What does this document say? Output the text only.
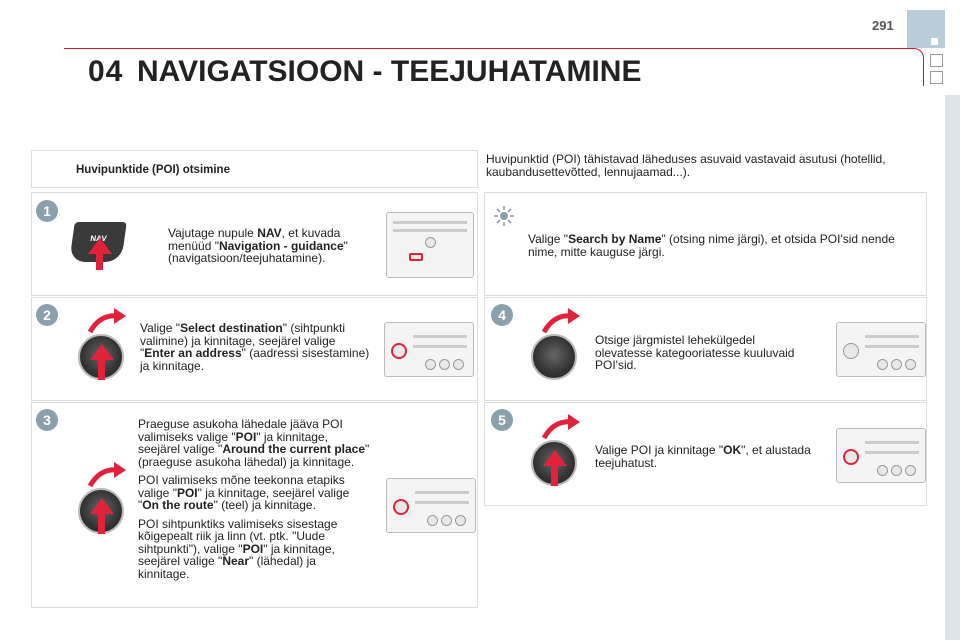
291
04 NAVIGATSIOON - TEEJUHATAMINE
Huvipunktide (POI) otsimine
Huvipunktid (POI) tähistavad läheduses asuvaid vastavaid asutusi (hotellid, kaubandusettevõtted, lennujaamad...).
1
NAV	Vajutage nupule NAV, et kuvada menüüd "Navigation - guidance" (navigatsioon/teejuhatamine).
2
Valige "Select destination" (sihtpunkti valimine) ja kinnitage, seejärel valige "Enter an address" (aadressi sisestamine) ja kinnitage.
3	Praeguse asukoha lähedale jääva POI valimiseks valige "POI" ja kinnitage, seejärel valige "Around the current place" (praeguse asukoha lähedal) ja kinnitage.

POI valimiseks mõne teekonna etapiks valige "POI" ja kinnitage, seejärel valige "On the route" (teel) ja kinnitage.

POI sihtpunktiks valimiseks sisestage kõigepealt riik ja linn (vt. ptk. "Uude sihtpunkti"), valige "POI" ja kinnitage, seejärel valige "Near" (lähedal) ja kinnitage.

Valige "Search by Name" (otsing nime järgi), et otsida POI'sid nende nime, mitte kauguse järgi.
4
Otsige järgmistel lehekülgedel olevatesse kategooriatesse kuuluvaid POI'sid.
5
Valige POI ja kinnitage "OK", et alustada teejuhatust.
